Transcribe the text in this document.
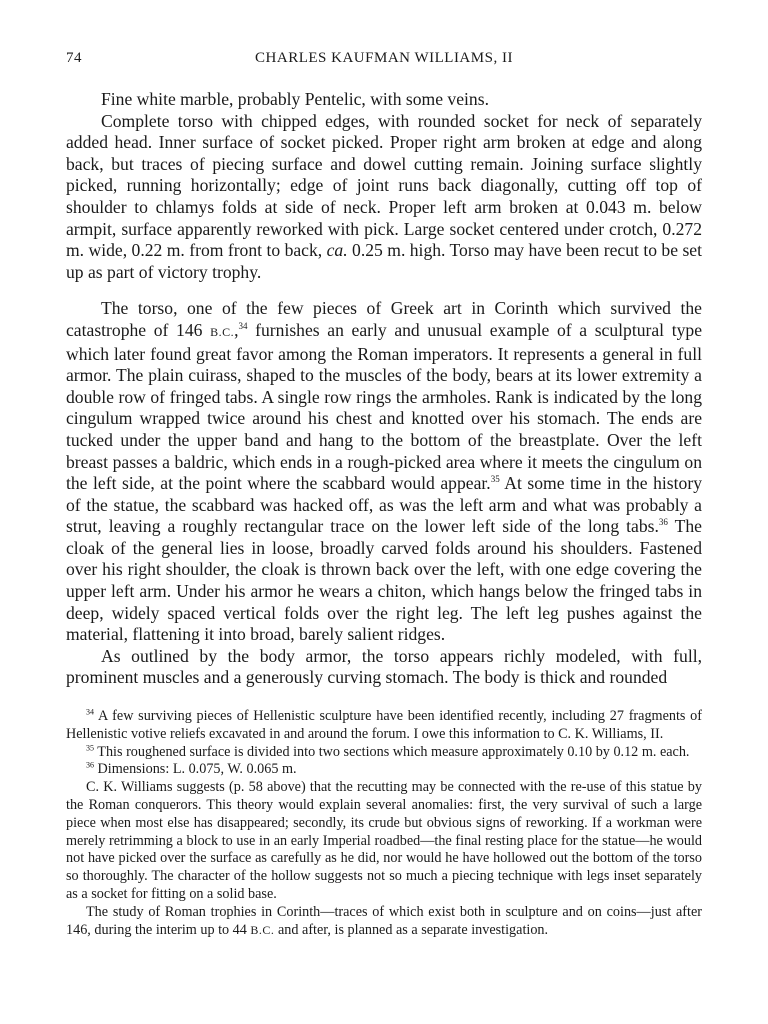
74	CHARLES KAUFMAN WILLIAMS, II

Fine white marble, probably Pentelic, with some veins.

Complete torso with chipped edges, with rounded socket for neck of separately added head. Inner surface of socket picked. Proper right arm broken at edge and along back, but traces of piecing surface and dowel cutting remain. Joining surface slightly picked, running horizontally; edge of joint runs back diagonally, cutting off top of shoulder to chlamys folds at side of neck. Proper left arm broken at 0.043 m. below armpit, surface apparently reworked with pick. Large socket centered under crotch, 0.272 m. wide, 0.22 m. from front to back, ca. 0.25 m. high. Torso may have been recut to be set up as part of victory trophy.

The torso, one of the few pieces of Greek art in Corinth which survived the catastrophe of 146 B.C.,$^{34}$ furnishes an early and unusual example of a sculptural type which later found great favor among the Roman imperators. It represents a general in full armor. The plain cuirass, shaped to the muscles of the body, bears at its lower extremity a double row of fringed tabs. A single row rings the armholes. Rank is indicated by the long cingulum wrapped twice around his chest and knotted over his stomach. The ends are tucked under the upper band and hang to the bottom of the breastplate. Over the left breast passes a baldric, which ends in a rough-picked area where it meets the cingulum on the left side, at the point where the scabbard would appear.$^{35}$ At some time in the history of the statue, the scabbard was hacked off, as was the left arm and what was probably a strut, leaving a roughly rectangular trace on the lower left side of the long tabs.$^{36}$ The cloak of the general lies in loose, broadly carved folds around his shoulders. Fastened over his right shoulder, the cloak is thrown back over the left, with one edge covering the upper left arm. Under his armor he wears a chiton, which hangs below the fringed tabs in deep, widely spaced vertical folds over the right leg. The left leg pushes against the material, flattening it into broad, barely salient ridges.

As outlined by the body armor, the torso appears richly modeled, with full, prominent muscles and a generously curving stomach. The body is thick and rounded

$^{34}$ A few surviving pieces of Hellenistic sculpture have been identified recently, including 27 fragments of Hellenistic votive reliefs excavated in and around the forum. I owe this information to C. K. Williams, II.

$^{35}$ This roughened surface is divided into two sections which measure approximately 0.10 by 0.12 m. each.

$^{36}$ Dimensions: L. 0.075, W. 0.065 m.

C. K. Williams suggests (p. 58 above) that the recutting may be connected with the re-use of this statue by the Roman conquerors. This theory would explain several anomalies: first, the very survival of such a large piece when most else has disappeared; secondly, its crude but obvious signs of reworking. If a workman were merely retrimming a block to use in an early Imperial roadbed—the final resting place for the statue—he would not have picked over the surface as carefully as he did, nor would he have hollowed out the bottom of the torso so thoroughly. The character of the hollow suggests not so much a piecing technique with legs inset separately as a socket for fitting on a solid base.

The study of Roman trophies in Corinth—traces of which exist both in sculpture and on coins—just after 146, during the interim up to 44 B.C. and after, is planned as a separate investigation.
